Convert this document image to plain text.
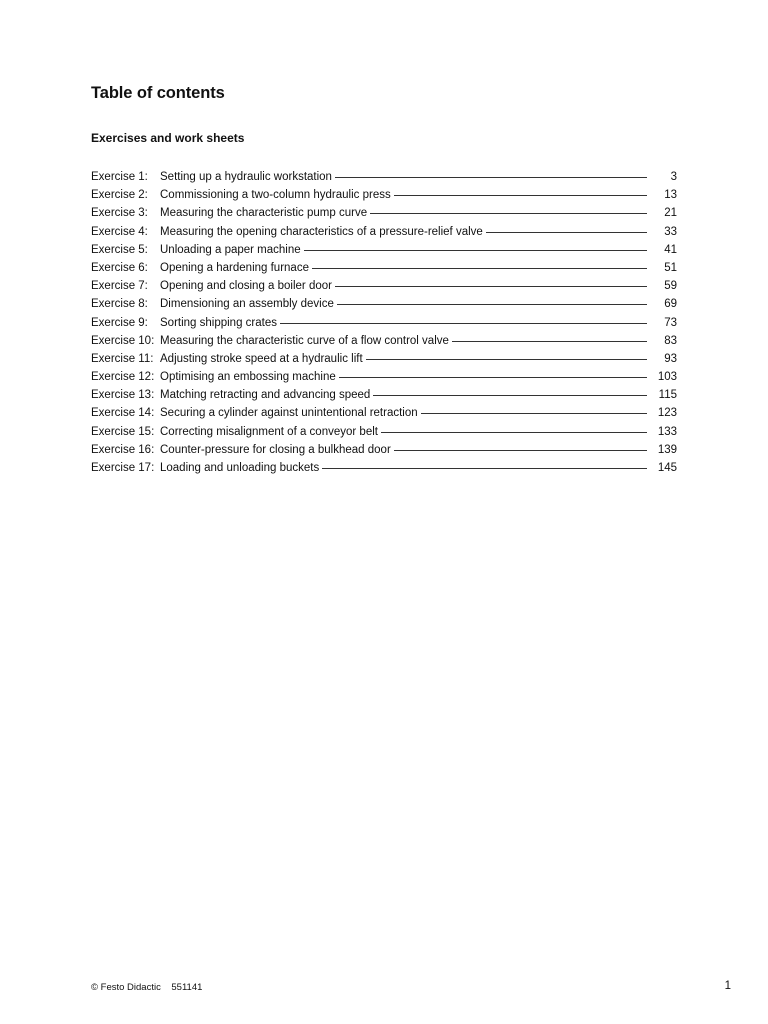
Table of contents
Exercises and work sheets
Exercise 1:	Setting up a hydraulic workstation	3
Exercise 2:	Commissioning a two-column hydraulic press	13
Exercise 3:	Measuring the characteristic pump curve	21
Exercise 4:	Measuring the opening characteristics of a pressure-relief valve	33
Exercise 5:	Unloading a paper machine	41
Exercise 6:	Opening a hardening furnace	51
Exercise 7:	Opening and closing a boiler door	59
Exercise 8:	Dimensioning an assembly device	69
Exercise 9:	Sorting shipping crates	73
Exercise 10: Measuring the characteristic curve of a flow control valve	83
Exercise 11: Adjusting stroke speed at a hydraulic lift	93
Exercise 12: Optimising an embossing machine	103
Exercise 13: Matching retracting and advancing speed	115
Exercise 14: Securing a cylinder against unintentional retraction	123
Exercise 15: Correcting misalignment of a conveyor belt	133
Exercise 16: Counter-pressure for closing a bulkhead door	139
Exercise 17: Loading and unloading buckets	145
© Festo Didactic 551141	1
